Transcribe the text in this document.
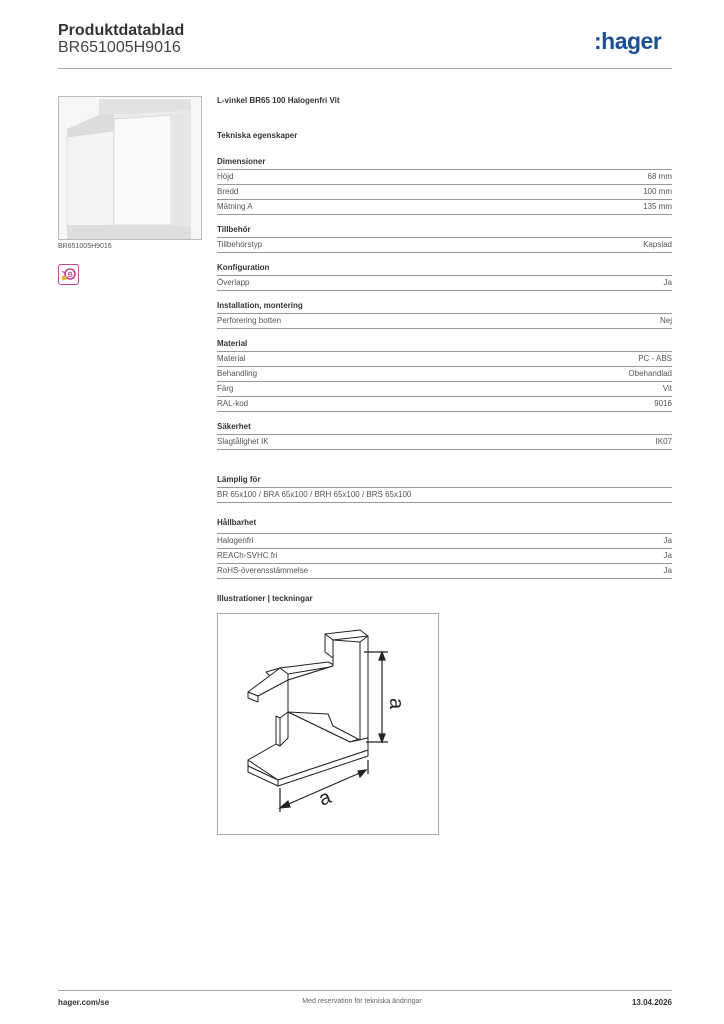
Produktdatablad
BR651005H9016	:hager
BR651005H9016
B
L-vinkel BR65 100 Halogenfri Vit
Tekniska egenskaper
Dimensioner
Höjd	68 mm
Bredd	100 mm
Mätning A	135 mm
Tillbehör
Tillbehörstyp	Kapslad
Konfiguration
Överlapp	Ja
Installation, montering
Perforering botten	Nej
Material
Material	PC - ABS
Behandling	Obehandlad
Färg	Vit
RAL-kod	9016
Säkerhet
Slagtålighet IK	IK07
Lämplig för
BR 65x100 / BRA 65x100 / BRH 65x100 / BRS 65x100
Hållbarhet
Halogenfri	Ja
REACh-SVHC fri	Ja
RoHS-överensstämmelse	Ja
Illustrationer | teckningar
a
a
hager.com/se	Med reservation för tekniska ändringar	13.04.2026
